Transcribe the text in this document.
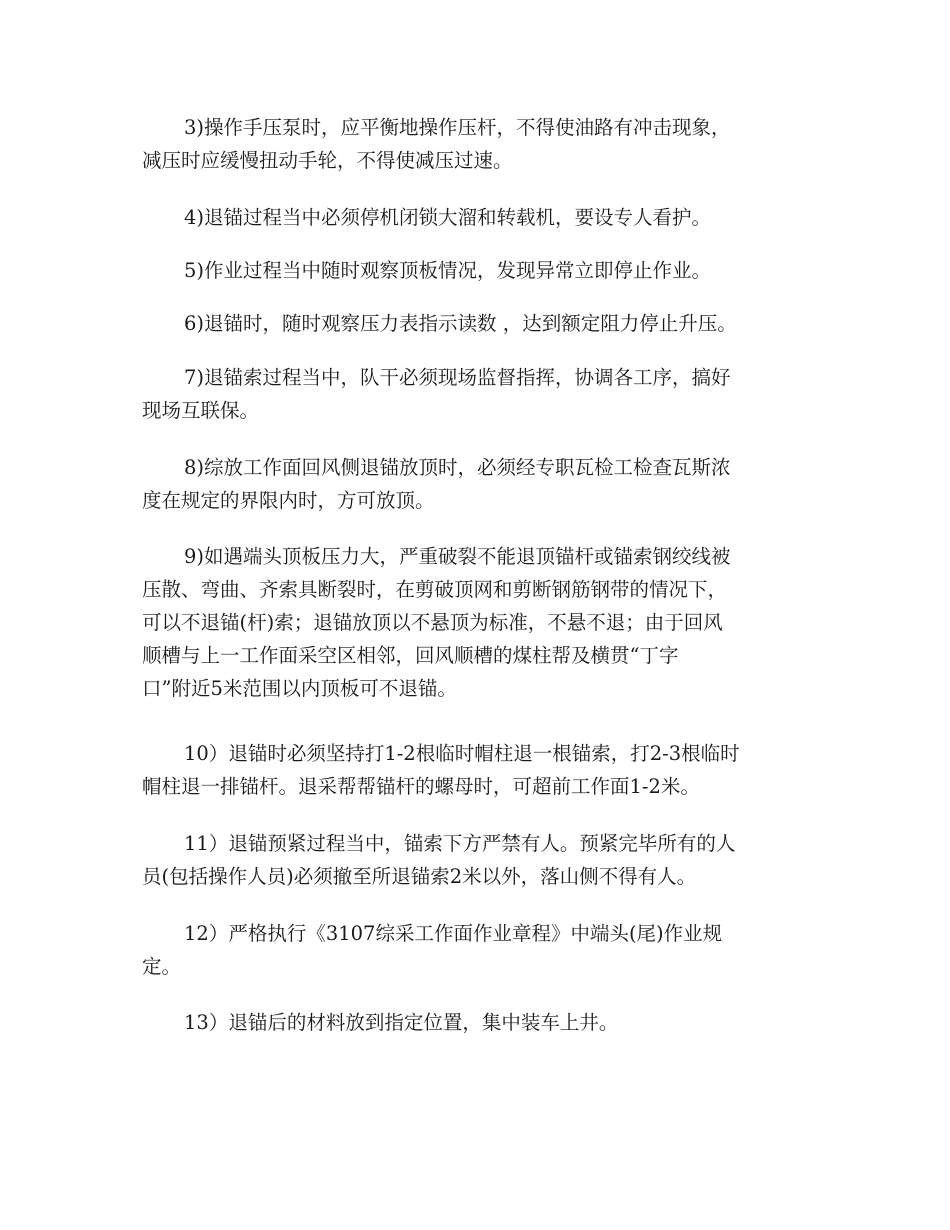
3)操作手压泵时，应平衡地操作压杆，不得使油路有冲击现象，
减压时应缓慢扭动手轮，不得使减压过速。

4)退锚过程当中必须停机闭锁大溜和转载机，要设专人看护。

5)作业过程当中随时观察顶板情况，发现异常立即停止作业。

6)退锚时，随时观察压力表指示读数 ，达到额定阻力停止升压。

7)退锚索过程当中，队干必须现场监督指挥，协调各工序，搞好
现场互联保。

8)综放工作面回风侧退锚放顶时，必须经专职瓦检工检查瓦斯浓
度在规定的界限内时，方可放顶。

9)如遇端头顶板压力大，严重破裂不能退顶锚杆或锚索钢绞线被
压散、弯曲、齐索具断裂时，在剪破顶网和剪断钢筋钢带的情况下，
可以不退锚(杆)索；退锚放顶以不悬顶为标准，不悬不退；由于回风
顺槽与上一工作面采空区相邻，回风顺槽的煤柱帮及横贯“丁字
口”附近5米范围以内顶板可不退锚。

10）退锚时必须坚持打1-2根临时帽柱退一根锚索，打2-3根临时
帽柱退一排锚杆。退采帮帮锚杆的螺母时，可超前工作面1-2米。

11）退锚预紧过程当中，锚索下方严禁有人。预紧完毕所有的人
员(包括操作人员)必须撤至所退锚索2米以外，落山侧不得有人。

12）严格执行《3107综采工作面作业章程》中端头(尾)作业规
定。

13）退锚后的材料放到指定位置，集中装车上井。
